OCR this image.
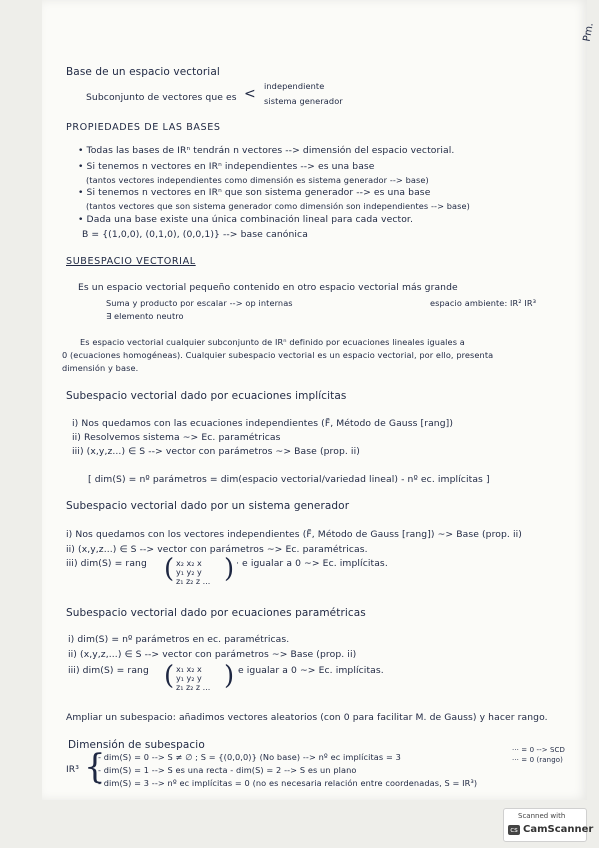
Pm.
Base de un espacio vectorial
Subconjunto de vectores que es < independiente
sistema generador
PROPIEDADES DE LAS BASES
• Todas las bases de IRⁿ tendrán n vectores --> dimensión del espacio vectorial.
• Si tenemos n vectores en IRⁿ independientes --> es una base
(tantos vectores independientes como dimensión es sistema generador --> base)
• Si tenemos n vectores en IRⁿ que son sistema generador --> es una base
(tantos vectores que son sistema generador como dimensión son independientes --> base)
• Dada una base existe una única combinación lineal para cada vector.
B = {(1,0,0), (0,1,0), (0,0,1)} --> base canónica
SUBESPACIO VECTORIAL
Es un espacio vectorial pequeño contenido en otro espacio vectorial más grande
Suma y producto por escalar --> op internas	espacio ambiente: IR² IR³
∃ elemento neutro
Es espacio vectorial cualquier subconjunto de IRⁿ definido por ecuaciones lineales iguales a
0 (ecuaciones homogéneas). Cualquier subespacio vectorial es un espacio vectorial, por ello, presenta
dimensión y base.
Subespacio vectorial dado por ecuaciones implícitas
i) Nos quedamos con las ecuaciones independientes (F̃, Método de Gauss [rang])
ii) Resolvemos sistema ~> Ec. paramétricas
iii) (x,y,z...) ∈ S --> vector con parámetros ~> Base (prop. ii)
[ dim(S) = nº parámetros = dim(espacio vectorial/variedad lineal) - nº ec. implícitas ]
Subespacio vectorial dado por un sistema generador
i) Nos quedamos con los vectores independientes (F̃, Método de Gauss [rang]) ~> Base (prop. ii)
ii) (x,y,z...) ∈ S --> vector con parámetros ~> Ec. paramétricas.
iii) dim(S) = rang ( x₂ x₂ x
y₁ y₂ y
z₁ z₂ z ... ) · e igualar a 0 ~> Ec. implícitas.
Subespacio vectorial dado por ecuaciones paramétricas
i) dim(S) = nº parámetros en ec. paramétricas.
ii) (x,y,z,...) ∈ S --> vector con parámetros ~> Base (prop. ii)
iii) dim(S) = rang ( x₁ x₂ x
y₁ y₂ y
z₁ z₂ z ... ) e igualar a 0 ~> Ec. implícitas.
Ampliar un subespacio: añadimos vectores aleatorios (con 0 para facilitar M. de Gauss) y hacer rango.
Dimensión de subespacio
IR³ {
- dim(S) = 0 --> S ≠ ∅ ; S = {(0,0,0)} (No base) --> nº ec implícitas = 3
··· = 0 --> SCD
··· = 0 (rango)
- dim(S) = 1 --> S es una recta - dim(S) = 2 --> S es un plano
- dim(S) = 3 --> nº ec implícitas = 0 (no es necesaria relación entre coordenadas, S = IR³)
Scanned with
cs CamScanner
